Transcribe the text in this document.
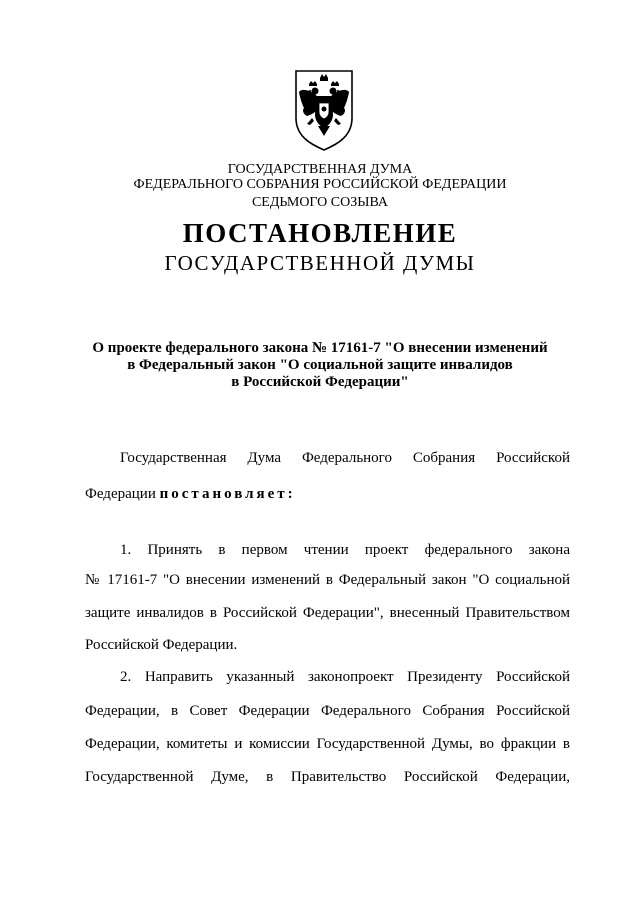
ГОСУДАРСТВЕННАЯ ДУМА
ФЕДЕРАЛЬНОГО СОБРАНИЯ РОССИЙСКОЙ ФЕДЕРАЦИИ
СЕДЬМОГО СОЗЫВА
ПОСТАНОВЛЕНИЕ
ГОСУДАРСТВЕННОЙ ДУМЫ
О проекте федерального закона № 17161-7 "О внесении изменений
в Федеральный закон "О социальной защите инвалидов
в Российской Федерации"
Государственная Дума Федерального Собрания Российской
Федерации постановляет:
1. Принять в первом чтении проект федерального закона
№ 17161-7 "О внесении изменений в Федеральный закон "О социальной
защите инвалидов в Российской Федерации", внесенный Правительством
Российской Федерации.
2. Направить указанный законопроект Президенту Российской
Федерации, в Совет Федерации Федерального Собрания Российской
Федерации, комитеты и комиссии Государственной Думы, во фракции в
Государственной Думе, в Правительство Российской Федерации,
